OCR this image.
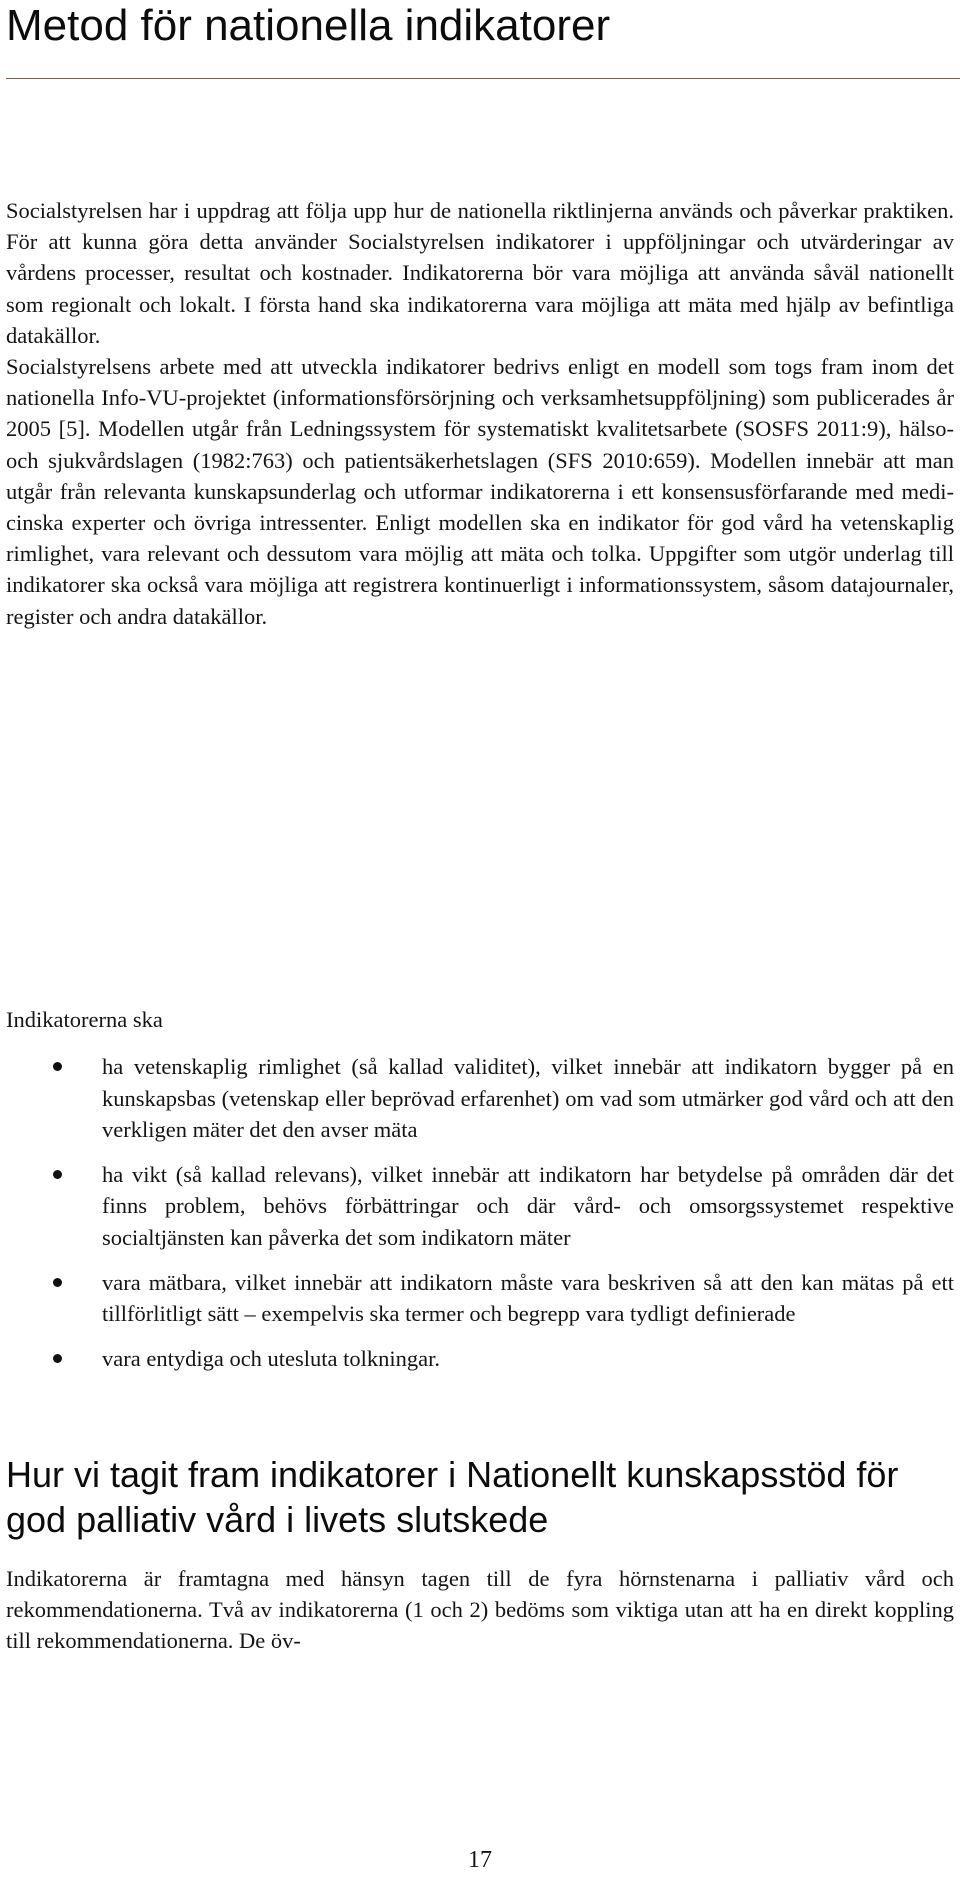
Metod för nationella indikatorer

Socialstyrelsen har i uppdrag att följa upp hur de nationella riktlinjerna används och påverkar praktiken. För att kunna göra detta använder Socialstyrelsen indikatorer i uppföljningar och utvärderingar av vårdens processer, resultat och kostnader. Indikatorerna bör vara möjliga att använda såväl nationellt som regionalt och lokalt. I första hand ska indikatorerna vara möjliga att mäta med hjälp av befintliga datakällor.

Socialstyrelsens arbete med att utveckla indikatorer bedrivs enligt en modell som togs fram inom det nationella Info-VU-projektet (informationsförsörjning och verksamhetsuppföljning) som publicerades år 2005 [5]. Modellen utgår från Ledningssystem för systematiskt kvalitetsarbete (SOSFS 2011:9), hälso- och sjukvårdslagen (1982:763) och patientsäkerhetslagen (SFS 2010:659). Modellen innebär att man utgår från relevanta kunskapsunderlag och utformar indikatorerna i ett konsensusförfarande med medicinska experter och övriga intressenter. Enligt modellen ska en indikator för god vård ha vetenskaplig rimlighet, vara relevant och dessutom vara möjlig att mäta och tolka. Uppgifter som utgör underlag till indikatorer ska också vara möjliga att registrera kontinuerligt i informationssystem, såsom datajournaler, register och andra datakällor.

Indikatorerna ska
ha vetenskaplig rimlighet (så kallad validitet), vilket innebär att indikatorn bygger på en kunskapsbas (vetenskap eller beprövad erfarenhet) om vad som utmärker god vård och att den verkligen mäter det den avser mäta
ha vikt (så kallad relevans), vilket innebär att indikatorn har betydelse på områden där det finns problem, behövs förbättringar och där vård- och omsorgssystemet respektive socialtjänsten kan påverka det som indikatorn mäter
vara mätbara, vilket innebär att indikatorn måste vara beskriven så att den kan mätas på ett tillförlitligt sätt – exempelvis ska termer och begrepp vara tydligt definierade
vara entydiga och utesluta tolkningar.
Hur vi tagit fram indikatorer i Nationellt kunskapsstöd för god palliativ vård i livets slutskede

Indikatorerna är framtagna med hänsyn tagen till de fyra hörnstenarna i palliativ vård och rekommendationerna. Två av indikatorerna (1 och 2) bedöms som viktiga utan att ha en direkt koppling till rekommendationerna. De öv-

17
